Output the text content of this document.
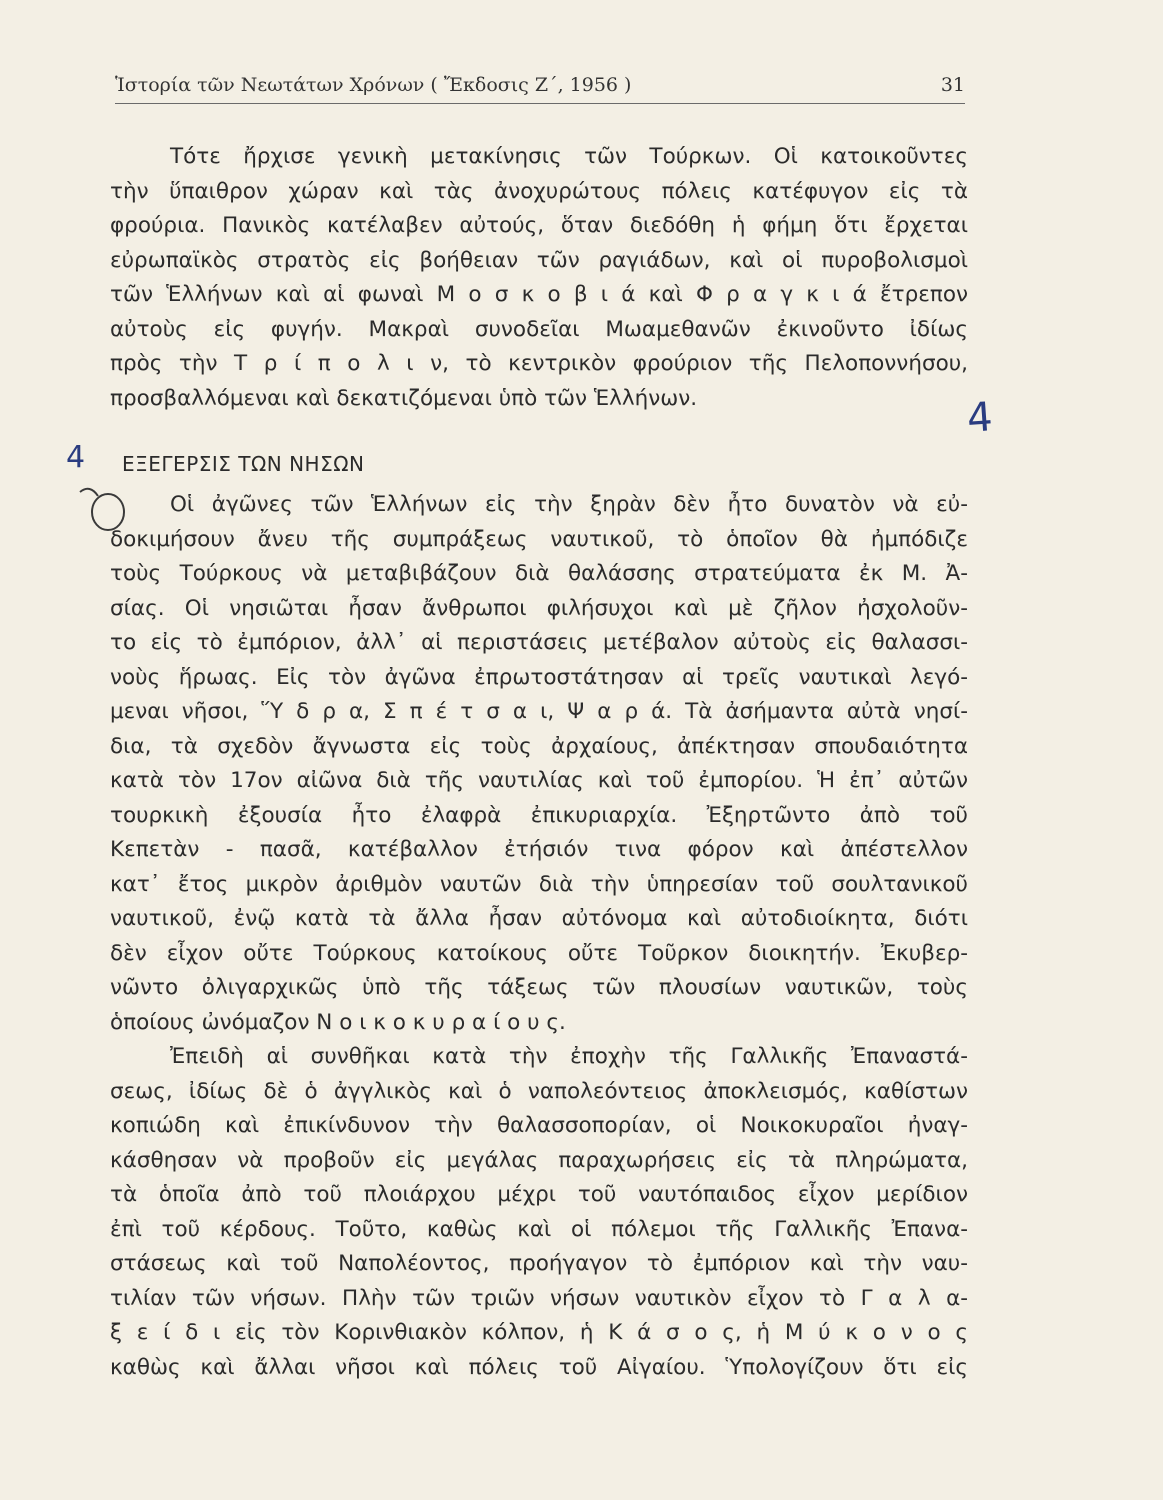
Ἱστορία τῶν Νεωτάτων Χρόνων ( Ἔκδοσις Ζ΄, 1956 )	31
4
4
Τότε ἤρχισε γενικὴ μετακίνησις τῶν Τούρκων. Οἱ κατοικοῦντες
τὴν ὕπαιθρον χώραν καὶ τὰς ἀνοχυρώτους πόλεις κατέφυγον εἰς τὰ
φρούρια. Πανικὸς κατέλαβεν αὐτούς, ὅταν διεδόθη ἡ φήμη ὅτι ἔρχεται
εὐρωπαϊκὸς στρατὸς εἰς βοήθειαν τῶν ραγιάδων, καὶ οἱ πυροβολισμοὶ
τῶν Ἑλλήνων καὶ αἱ φωναὶ Μ ο σ κ ο β ι ά καὶ Φ ρ α γ κ ι ά ἔτρεπον
αὐτοὺς εἰς φυγήν. Μακραὶ συνοδεῖαι Μωαμεθανῶν ἐκινοῦντο ἰδίως
πρὸς τὴν Τ ρ ί π ο λ ι ν, τὸ κεντρικὸν φρούριον τῆς Πελοποννήσου,
προσβαλλόμεναι καὶ δεκατιζόμεναι ὑπὸ τῶν Ἑλλήνων.
ΕΞΕΓΕΡΣΙΣ ΤΩΝ ΝΗΣΩΝ
Οἱ ἀγῶνες τῶν Ἑλλήνων εἰς τὴν ξηρὰν δὲν ἦτο δυνατὸν νὰ εὐ-
δοκιμήσουν ἄνευ τῆς συμπράξεως ναυτικοῦ, τὸ ὁποῖον θὰ ἠμπόδιζε
τοὺς Τούρκους νὰ μεταβιβάζουν διὰ θαλάσσης στρατεύματα ἐκ Μ. Ἀ-
σίας. Οἱ νησιῶται ἦσαν ἄνθρωποι φιλήσυχοι καὶ μὲ ζῆλον ἠσχολοῦν-
το εἰς τὸ ἐμπόριον, ἀλλ᾽ αἱ περιστάσεις μετέβαλον αὐτοὺς εἰς θαλασσι-
νοὺς ἥρωας. Εἰς τὸν ἀγῶνα ἐπρωτοστάτησαν αἱ τρεῖς ναυτικαὶ λεγό-
μεναι νῆσοι, Ὕ δ ρ α, Σ π έ τ σ α ι, Ψ α ρ ά. Τὰ ἀσήμαντα αὐτὰ νησί-
δια, τὰ σχεδὸν ἄγνωστα εἰς τοὺς ἀρχαίους, ἀπέκτησαν σπουδαιότητα
κατὰ τὸν 17ον αἰῶνα διὰ τῆς ναυτιλίας καὶ τοῦ ἐμπορίου. Ἡ ἐπ᾽ αὐτῶν
τουρκικὴ ἐξουσία ἦτο ἐλαφρὰ ἐπικυριαρχία. Ἐξηρτῶντο ἀπὸ τοῦ
Κεπετὰν - πασᾶ, κατέβαλλον ἐτήσιόν τινα φόρον καὶ ἀπέστελλον
κατ᾽ ἔτος μικρὸν ἀριθμὸν ναυτῶν διὰ τὴν ὑπηρεσίαν τοῦ σουλτανικοῦ
ναυτικοῦ, ἐνῷ κατὰ τὰ ἄλλα ἦσαν αὐτόνομα καὶ αὐτοδιοίκητα, διότι
δὲν εἶχον οὔτε Τούρκους κατοίκους οὔτε Τοῦρκον διοικητήν. Ἐκυβερ-
νῶντο ὀλιγαρχικῶς ὑπὸ τῆς τάξεως τῶν πλουσίων ναυτικῶν, τοὺς
ὁποίους ὠνόμαζον Ν ο ι κ ο κ υ ρ α ί ο υ ς.
Ἐπειδὴ αἱ συνθῆκαι κατὰ τὴν ἐποχὴν τῆς Γαλλικῆς Ἐπαναστά-
σεως, ἰδίως δὲ ὁ ἀγγλικὸς καὶ ὁ ναπολεόντειος ἀποκλεισμός, καθίστων
κοπιώδη καὶ ἐπικίνδυνον τὴν θαλασσοπορίαν, οἱ Νοικοκυραῖοι ἠναγ-
κάσθησαν νὰ προβοῦν εἰς μεγάλας παραχωρήσεις εἰς τὰ πληρώματα,
τὰ ὁποῖα ἀπὸ τοῦ πλοιάρχου μέχρι τοῦ ναυτόπαιδος εἶχον μερίδιον
ἐπὶ τοῦ κέρδους. Τοῦτο, καθὼς καὶ οἱ πόλεμοι τῆς Γαλλικῆς Ἐπανα-
στάσεως καὶ τοῦ Ναπολέοντος, προήγαγον τὸ ἐμπόριον καὶ τὴν ναυ-
τιλίαν τῶν νήσων. Πλὴν τῶν τριῶν νήσων ναυτικὸν εἶχον τὸ Γ α λ α-
ξ ε ί δ ι εἰς τὸν Κορινθιακὸν κόλπον, ἡ Κ ά σ ο ς, ἡ Μ ύ κ ο ν ο ς
καθὼς καὶ ἄλλαι νῆσοι καὶ πόλεις τοῦ Αἰγαίου. Ὑπολογίζουν ὅτι εἰς
